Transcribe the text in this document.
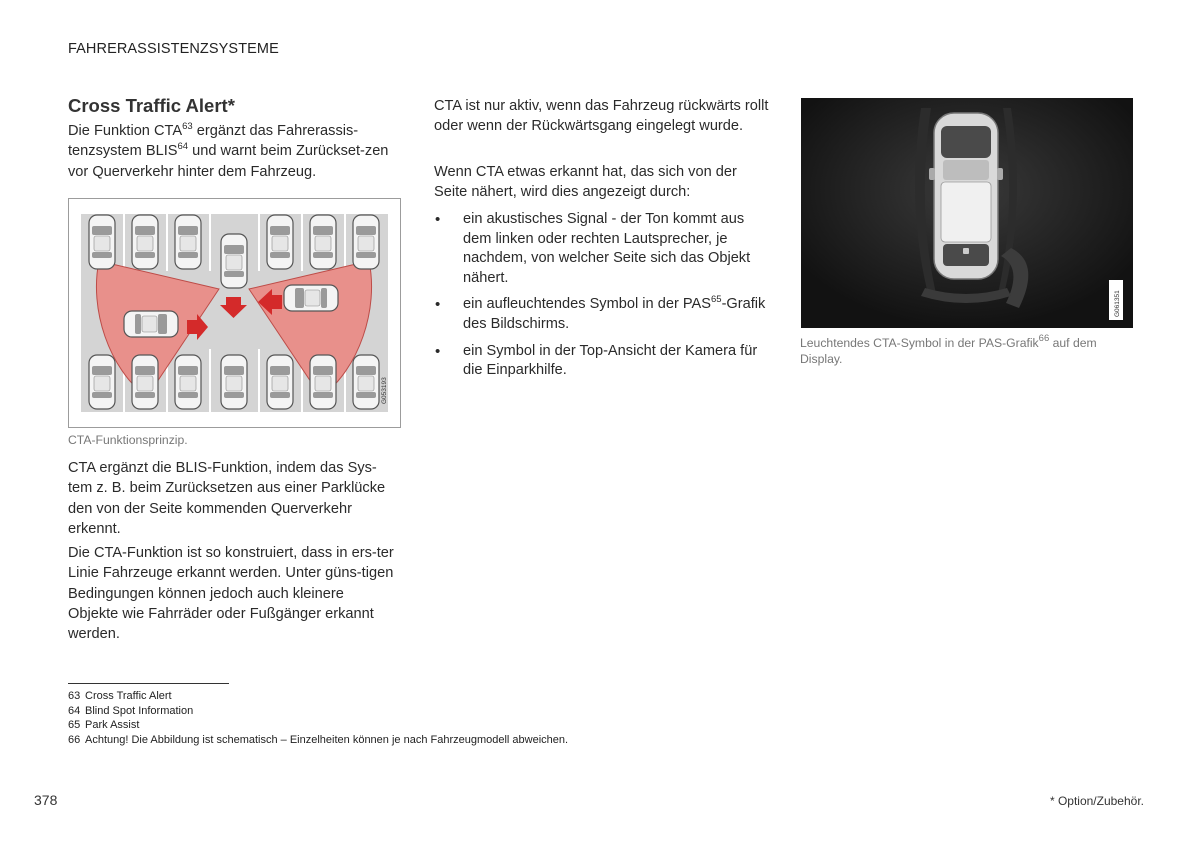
FAHRERASSISTENZSYSTEME
Cross Traffic Alert*

Die Funktion CTA$^{63}$ ergänzt das Fahrerassis-tenzsystem BLIS$^{64}$ und warnt beim Zurückset-zen vor Querverkehr hinter dem Fahrzeug.

G053193
CTA-Funktionsprinzip.

CTA ergänzt die BLIS-Funktion, indem das Sys-tem z. B. beim Zurücksetzen aus einer Parklücke den von der Seite kommenden Querverkehr erkennt.

Die CTA-Funktion ist so konstruiert, dass in ers-ter Linie Fahrzeuge erkannt werden. Unter güns-tigen Bedingungen können jedoch auch kleinere Objekte wie Fahrräder oder Fußgänger erkannt werden.

CTA ist nur aktiv, wenn das Fahrzeug rückwärts rollt oder wenn der Rückwärtsgang eingelegt wurde.

Wenn CTA etwas erkannt hat, das sich von der Seite nähert, wird dies angezeigt durch:

• ein akustisches Signal - der Ton kommt aus dem linken oder rechten Lautsprecher, je nachdem, von welcher Seite sich das Objekt nähert.
• ein aufleuchtendes Symbol in der PAS$^{65}$-Grafik des Bildschirms.
• ein Symbol in der Top-Ansicht der Kamera für die Einparkhilfe.
G061351
Leuchtendes CTA-Symbol in der PAS-Grafik$^{66}$ auf dem Display.
63 Cross Traffic Alert
64 Blind Spot Information
65 Park Assist
66 Achtung! Die Abbildung ist schematisch – Einzelheiten können je nach Fahrzeugmodell abweichen.
378	* Option/Zubehör.
